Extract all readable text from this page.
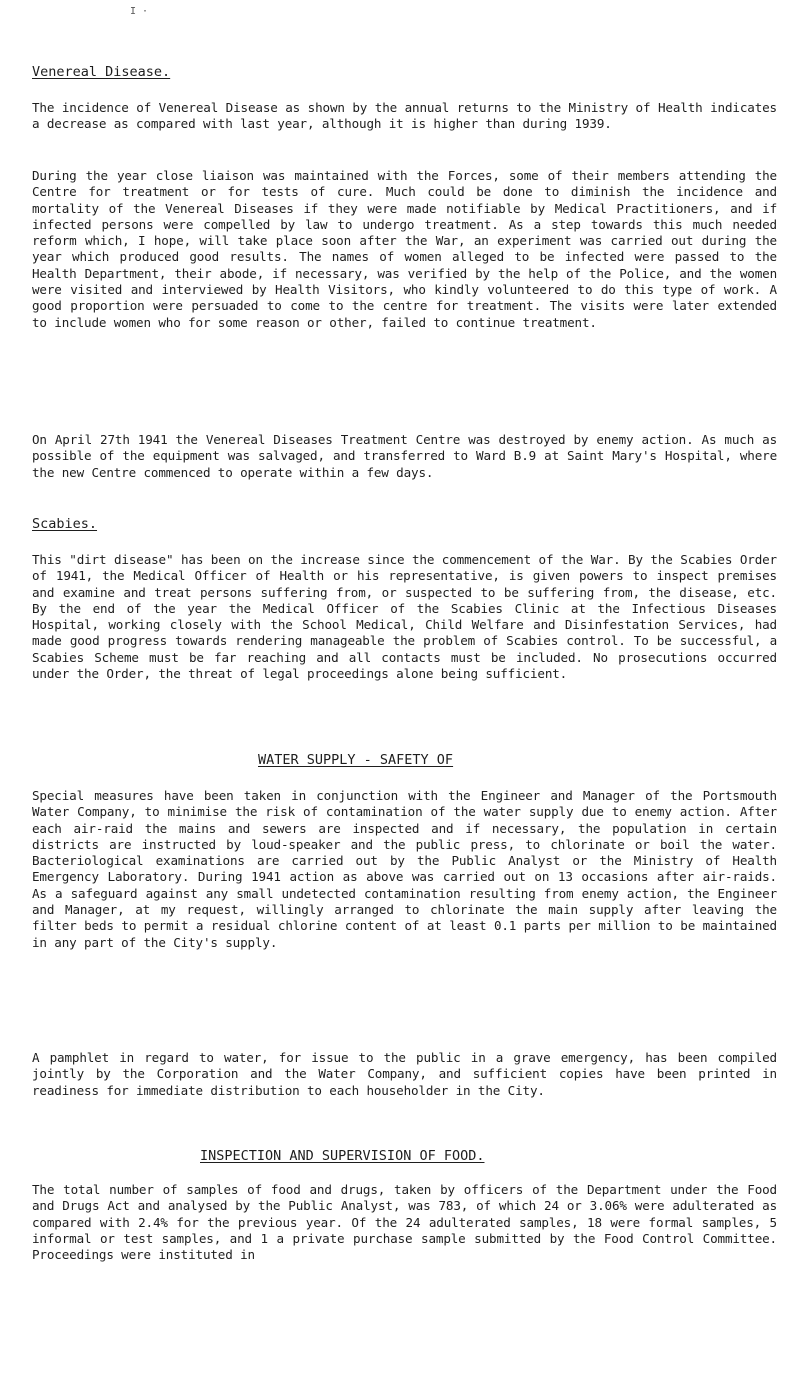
I ·
Venereal Disease.
The incidence of Venereal Disease as shown by the annual returns to the Ministry of Health indicates a decrease as compared with last year, although it is higher than during 1939.
During the year close liaison was maintained with the Forces, some of their members attending the Centre for treatment or for tests of cure. Much could be done to diminish the incidence and mortality of the Venereal Diseases if they were made notifiable by Medical Practitioners, and if infected persons were compelled by law to undergo treatment. As a step towards this much needed reform which, I hope, will take place soon after the War, an experiment was carried out during the year which produced good results. The names of women alleged to be infected were passed to the Health Department, their abode, if necessary, was verified by the help of the Police, and the women were visited and interviewed by Health Visitors, who kindly volunteered to do this type of work. A good proportion were persuaded to come to the centre for treatment. The visits were later extended to include women who for some reason or other, failed to continue treatment.
On April 27th 1941 the Venereal Diseases Treatment Centre was destroyed by enemy action. As much as possible of the equipment was salvaged, and transferred to Ward B.9 at Saint Mary's Hospital, where the new Centre commenced to operate within a few days.
Scabies.
This "dirt disease" has been on the increase since the commencement of the War. By the Scabies Order of 1941, the Medical Officer of Health or his representative, is given powers to inspect premises and examine and treat persons suffering from, or suspected to be suffering from, the disease, etc. By the end of the year the Medical Officer of the Scabies Clinic at the Infectious Diseases Hospital, working closely with the School Medical, Child Welfare and Disinfestation Services, had made good progress towards rendering manageable the problem of Scabies control. To be successful, a Scabies Scheme must be far reaching and all contacts must be included. No prosecutions occurred under the Order, the threat of legal proceedings alone being sufficient.
WATER SUPPLY - SAFETY OF
Special measures have been taken in conjunction with the Engineer and Manager of the Portsmouth Water Company, to minimise the risk of contamination of the water supply due to enemy action. After each air-raid the mains and sewers are inspected and if necessary, the population in certain districts are instructed by loud-speaker and the public press, to chlorinate or boil the water. Bacteriological examinations are carried out by the Public Analyst or the Ministry of Health Emergency Laboratory. During 1941 action as above was carried out on 13 occasions after air-raids. As a safeguard against any small undetected contamination resulting from enemy action, the Engineer and Manager, at my request, willingly arranged to chlorinate the main supply after leaving the filter beds to permit a residual chlorine content of at least 0.1 parts per million to be maintained in any part of the City's supply.
A pamphlet in regard to water, for issue to the public in a grave emergency, has been compiled jointly by the Corporation and the Water Company, and sufficient copies have been printed in readiness for immediate distribution to each householder in the City.
INSPECTION AND SUPERVISION OF FOOD.
The total number of samples of food and drugs, taken by officers of the Department under the Food and Drugs Act and analysed by the Public Analyst, was 783, of which 24 or 3.06% were adulterated as compared with 2.4% for the previous year. Of the 24 adulterated samples, 18 were formal samples, 5 informal or test samples, and 1 a private purchase sample submitted by the Food Control Committee. Proceedings were instituted in
